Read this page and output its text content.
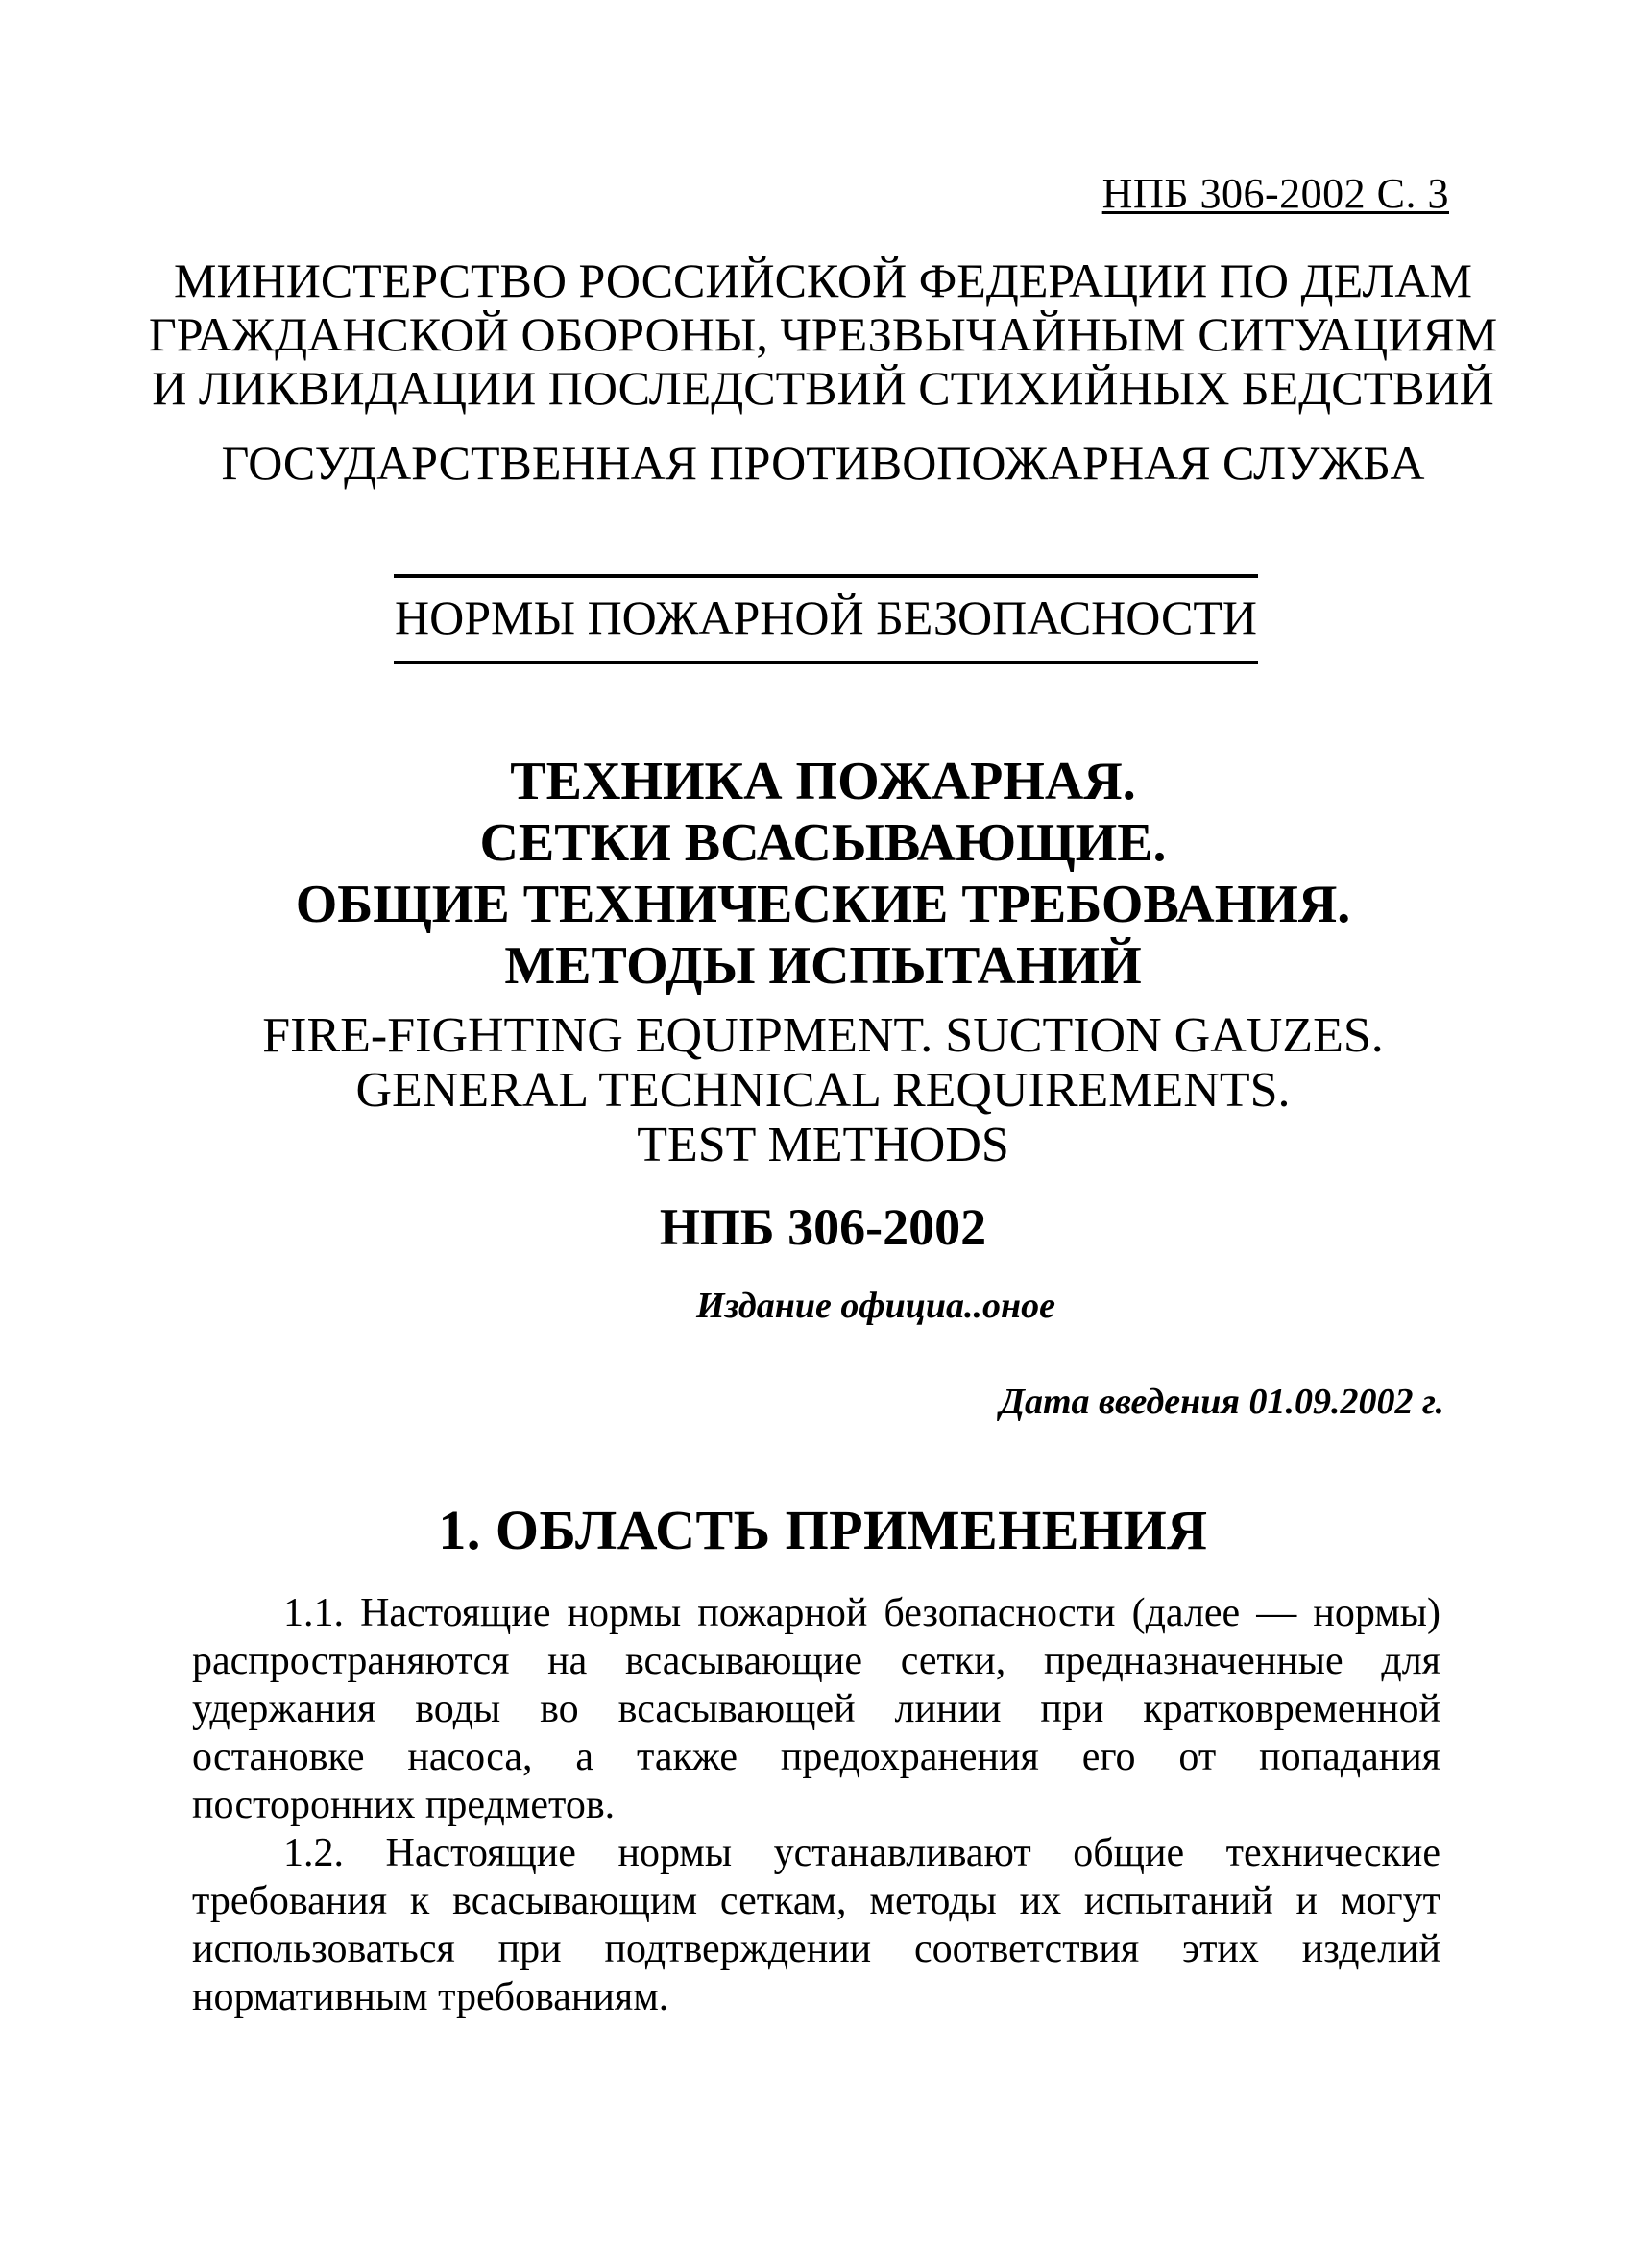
НПБ 306-2002 С. 3
МИНИСТЕРСТВО РОССИЙСКОЙ ФЕДЕРАЦИИ ПО ДЕЛАМ
ГРАЖДАНСКОЙ ОБОРОНЫ, ЧРЕЗВЫЧАЙНЫМ СИТУАЦИЯМ
И ЛИКВИДАЦИИ ПОСЛЕДСТВИЙ СТИХИЙНЫХ БЕДСТВИЙ
ГОСУДАРСТВЕННАЯ ПРОТИВОПОЖАРНАЯ СЛУЖБА
НОРМЫ ПОЖАРНОЙ БЕЗОПАСНОСТИ
ТЕХНИКА ПОЖАРНАЯ.
СЕТКИ ВСАСЫВАЮЩИЕ.
ОБЩИЕ ТЕХНИЧЕСКИЕ ТРЕБОВАНИЯ.
МЕТОДЫ ИСПЫТАНИЙ
FIRE-FIGHTING EQUIPMENT. SUCTION GAUZES.
GENERAL TECHNICAL REQUIREMENTS.
TEST METHODS
НПБ 306-2002
Издание официа..оное
Дата введения 01.09.2002 г.
1. ОБЛАСТЬ ПРИМЕНЕНИЯ

1.1. Настоящие нормы пожарной безопасности (далее — нормы) распространяются на всасывающие сетки, предназначенные для удержания воды во всасывающей линии при кратковременной остановке насоса, а также предохранения его от попадания посторонних предметов.

1.2. Настоящие нормы устанавливают общие технические требования к всасывающим сеткам, методы их испытаний и могут использоваться при подтверждении соответствия этих изделий нормативным требованиям.
